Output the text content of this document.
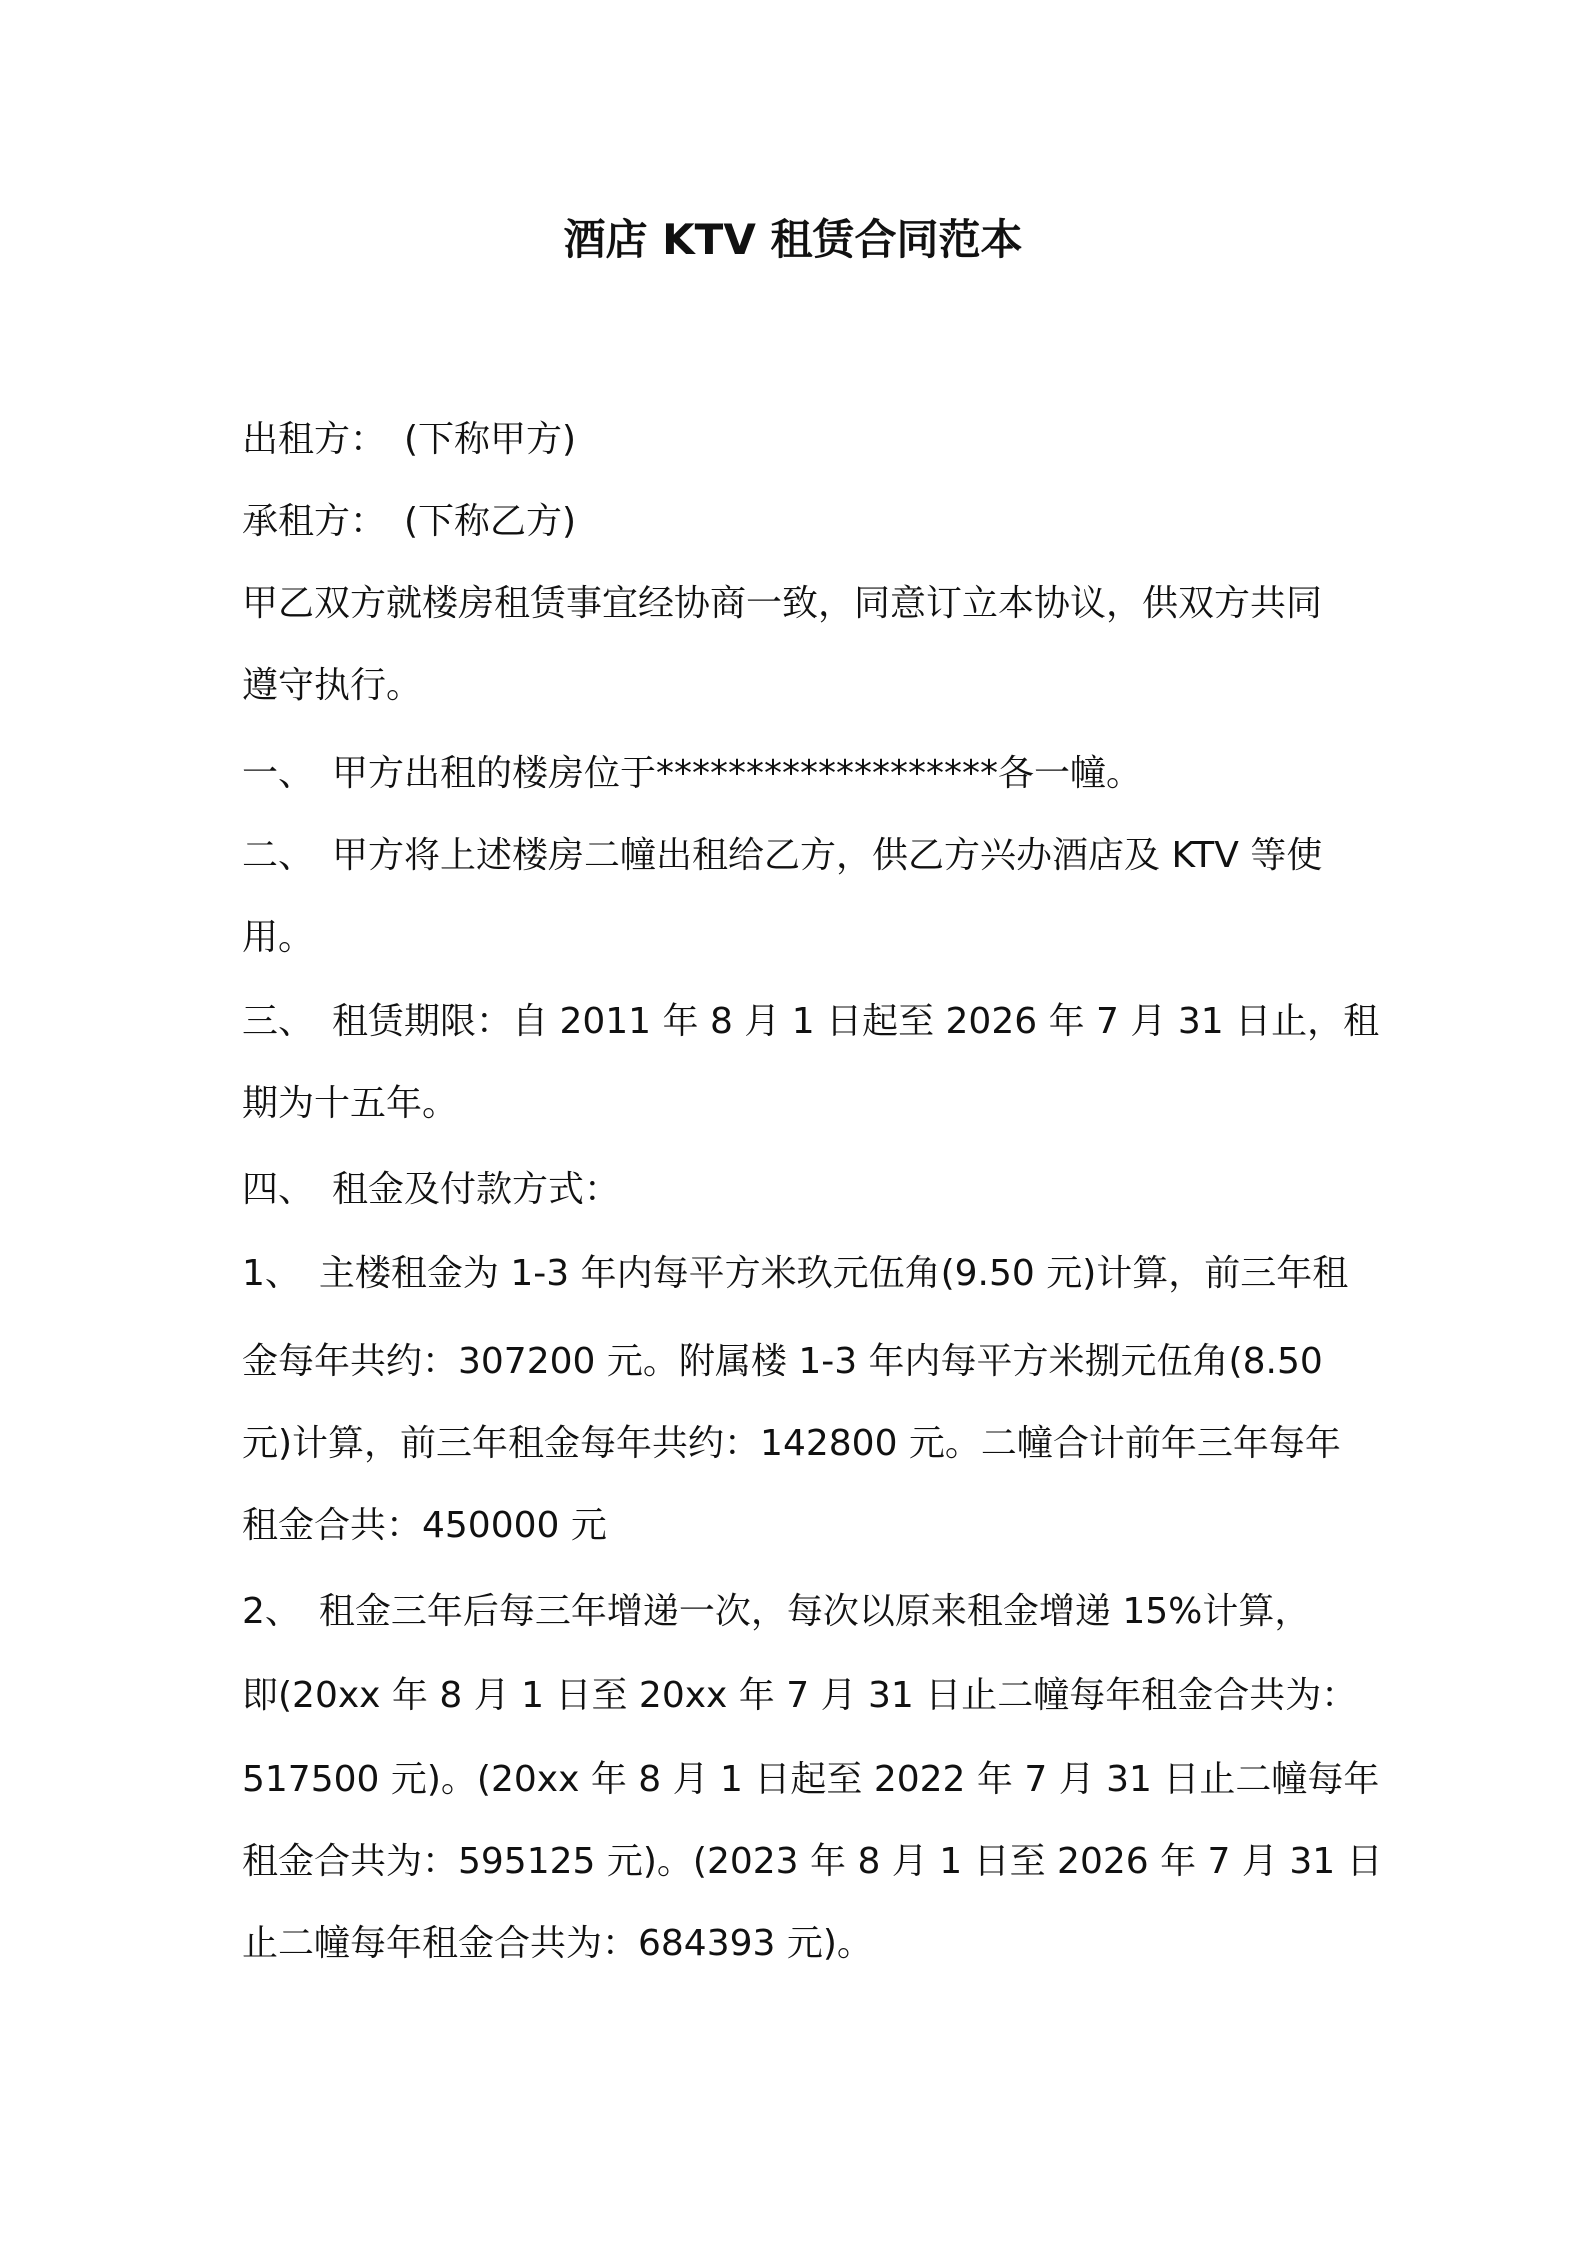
酒店 KTV 租赁合同范本
出租方：　(下称甲方)
承租方：　(下称乙方)
甲乙双方就楼房租赁事宜经协商一致，同意订立本协议，供双方共同
遵守执行。
一、　甲方出租的楼房位于*******************各一幢。
二、　甲方将上述楼房二幢出租给乙方，供乙方兴办酒店及 KTV 等使
用。
三、　租赁期限：自 2011 年 8 月 1 日起至 2026 年 7 月 31 日止，租
期为十五年。
四、　租金及付款方式：
1、　主楼租金为 1-3 年内每平方米玖元伍角(9.50 元)计算，前三年租
金每年共约：307200 元。附属楼 1-3 年内每平方米捌元伍角(8.50
元)计算，前三年租金每年共约：142800 元。二幢合计前年三年每年
租金合共：450000 元
2、　租金三年后每三年增递一次，每次以原来租金增递 15%计算，
即(20xx 年 8 月 1 日至 20xx 年 7 月 31 日止二幢每年租金合共为：
517500 元)。(20xx 年 8 月 1 日起至 2022 年 7 月 31 日止二幢每年
租金合共为：595125 元)。(2023 年 8 月 1 日至 2026 年 7 月 31 日
止二幢每年租金合共为：684393 元)。
